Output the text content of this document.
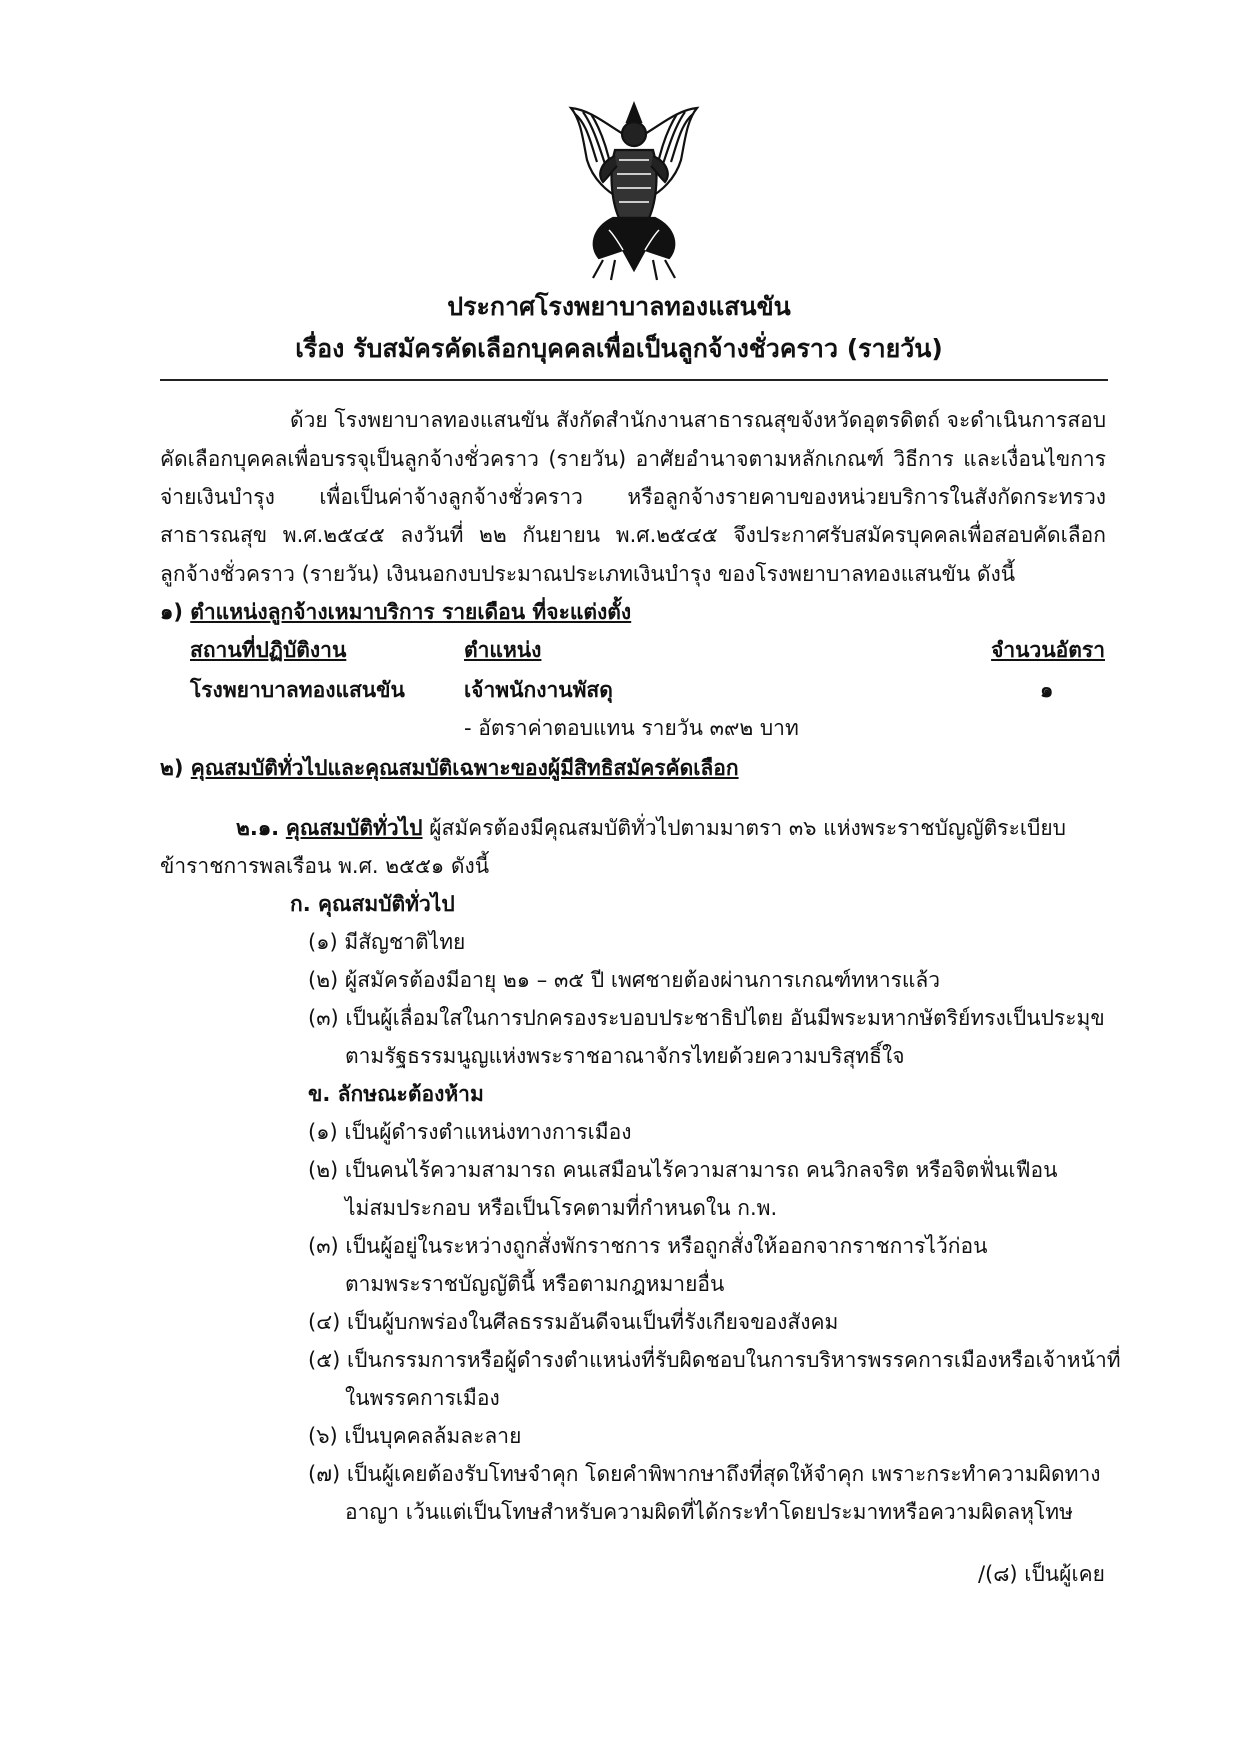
ประกาศโรงพยาบาลทองแสนขัน
เรื่อง รับสมัครคัดเลือกบุคคลเพื่อเป็นลูกจ้างชั่วคราว (รายวัน)
ด้วย โรงพยาบาลทองแสนขัน สังกัดสำนักงานสาธารณสุขจังหวัดอุตรดิตถ์ จะดำเนินการสอบ
คัดเลือกบุคคลเพื่อบรรจุเป็นลูกจ้างชั่วคราว (รายวัน) อาศัยอำนาจตามหลักเกณฑ์ วิธีการ และเงื่อนไขการ
จ่ายเงินบำรุง เพื่อเป็นค่าจ้างลูกจ้างชั่วคราว หรือลูกจ้างรายคาบของหน่วยบริการในสังกัดกระทรวง
สาธารณสุข พ.ศ.๒๕๔๕ ลงวันที่ ๒๒ กันยายน พ.ศ.๒๕๔๕ จึงประกาศรับสมัครบุคคลเพื่อสอบคัดเลือก
ลูกจ้างชั่วคราว (รายวัน) เงินนอกงบประมาณประเภทเงินบำรุง ของโรงพยาบาลทองแสนขัน ดังนี้
๑) ตำแหน่งลูกจ้างเหมาบริการ รายเดือน ที่จะแต่งตั้ง
สถานที่ปฏิบัติงาน	ตำแหน่ง	จำนวนอัตรา
โรงพยาบาลทองแสนขัน	เจ้าพนักงานพัสดุ	๑
- อัตราค่าตอบแทน รายวัน ๓๙๒ บาท
๒) คุณสมบัติทั่วไปและคุณสมบัติเฉพาะของผู้มีสิทธิสมัครคัดเลือก
๒.๑. คุณสมบัติทั่วไป ผู้สมัครต้องมีคุณสมบัติทั่วไปตามมาตรา ๓๖ แห่งพระราชบัญญัติระเบียบ
ข้าราชการพลเรือน พ.ศ. ๒๕๕๑ ดังนี้
ก. คุณสมบัติทั่วไป
(๑) มีสัญชาติไทย
(๒) ผู้สมัครต้องมีอายุ ๒๑ – ๓๕ ปี เพศชายต้องผ่านการเกณฑ์ทหารแล้ว
(๓) เป็นผู้เลื่อมใสในการปกครองระบอบประชาธิปไตย อันมีพระมหากษัตริย์ทรงเป็นประมุข
ตามรัฐธรรมนูญแห่งพระราชอาณาจักรไทยด้วยความบริสุทธิ์ใจ
ข. ลักษณะต้องห้าม
(๑) เป็นผู้ดำรงตำแหน่งทางการเมือง
(๒) เป็นคนไร้ความสามารถ คนเสมือนไร้ความสามารถ คนวิกลจริต หรือจิตฟั่นเฟือน
ไม่สมประกอบ หรือเป็นโรคตามที่กำหนดใน ก.พ.
(๓) เป็นผู้อยู่ในระหว่างถูกสั่งพักราชการ หรือถูกสั่งให้ออกจากราชการไว้ก่อน
ตามพระราชบัญญัตินี้ หรือตามกฎหมายอื่น
(๔) เป็นผู้บกพร่องในศีลธรรมอันดีจนเป็นที่รังเกียจของสังคม
(๕) เป็นกรรมการหรือผู้ดำรงตำแหน่งที่รับผิดชอบในการบริหารพรรคการเมืองหรือเจ้าหน้าที่
ในพรรคการเมือง
(๖) เป็นบุคคลล้มละลาย
(๗) เป็นผู้เคยต้องรับโทษจำคุก โดยคำพิพากษาถึงที่สุดให้จำคุก เพราะกระทำความผิดทาง
อาญา เว้นแต่เป็นโทษสำหรับความผิดที่ได้กระทำโดยประมาทหรือความผิดลหุโทษ
/(๘) เป็นผู้เคย
